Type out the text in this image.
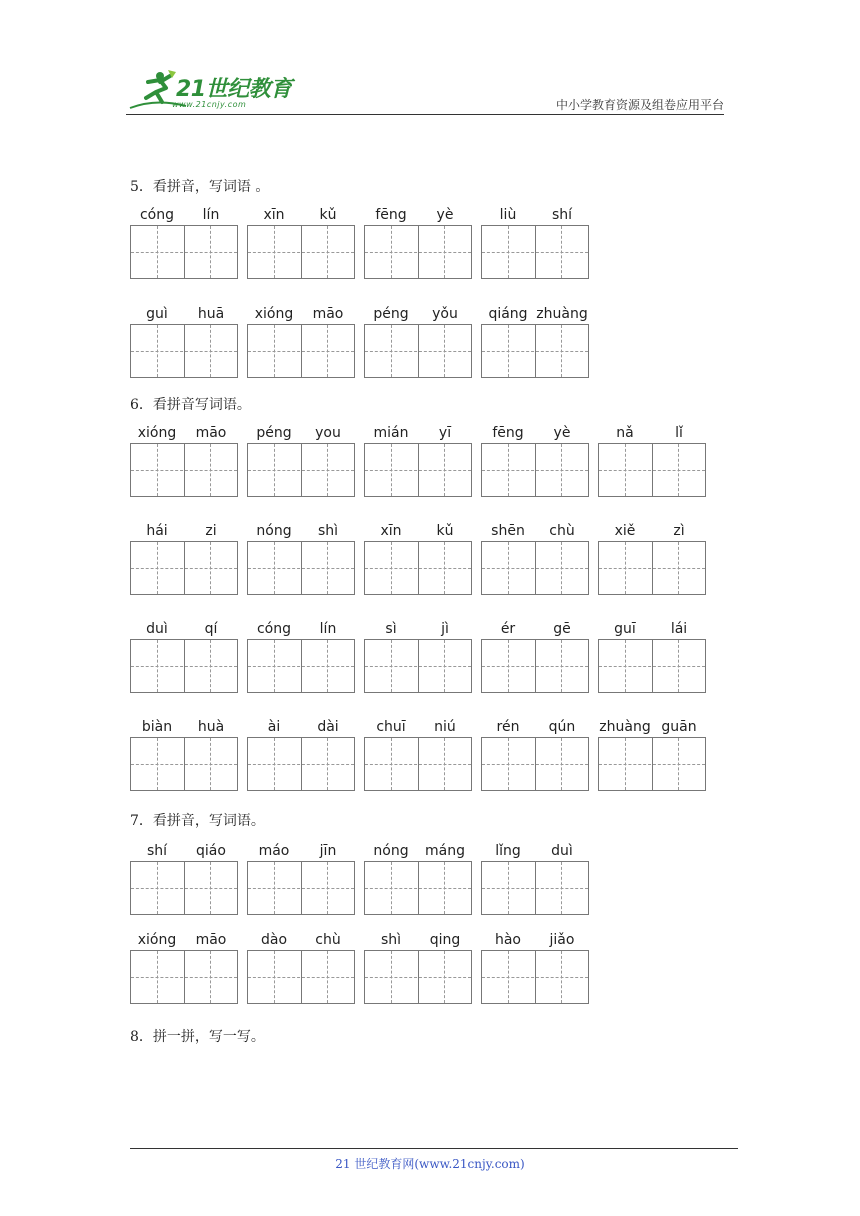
21世纪教育
www.21cnjy.com	中小学教育资源及组卷应用平台
5．看拼音，写词语 。
cóng	lín	xīn	kǔ	fēng	yè	liù	shí
guì	huā	xióng	māo	péng	yǒu	qiáng zhuàng
6．看拼音写词语。
xióng	māo	péng	you	mián	yī	fēng	yè	nǎ	lǐ
hái	zi	nóng	shì	xīn	kǔ	shēn	chù	xiě	zì
duì	qí	cóng	lín	sì	jì	ér	gē	guī	lái
biàn	huà	ài	dài	chuī	niú	rén	qún	zhuàng guān
7．看拼音，写词语。
shí	qiáo	máo	jīn	nóng	máng	lǐng	duì
xióng	māo	dào	chù	shì	qing	hào	jiǎo
8．拼一拼，写一写。
21 世纪教育网(www.21cnjy.com)
